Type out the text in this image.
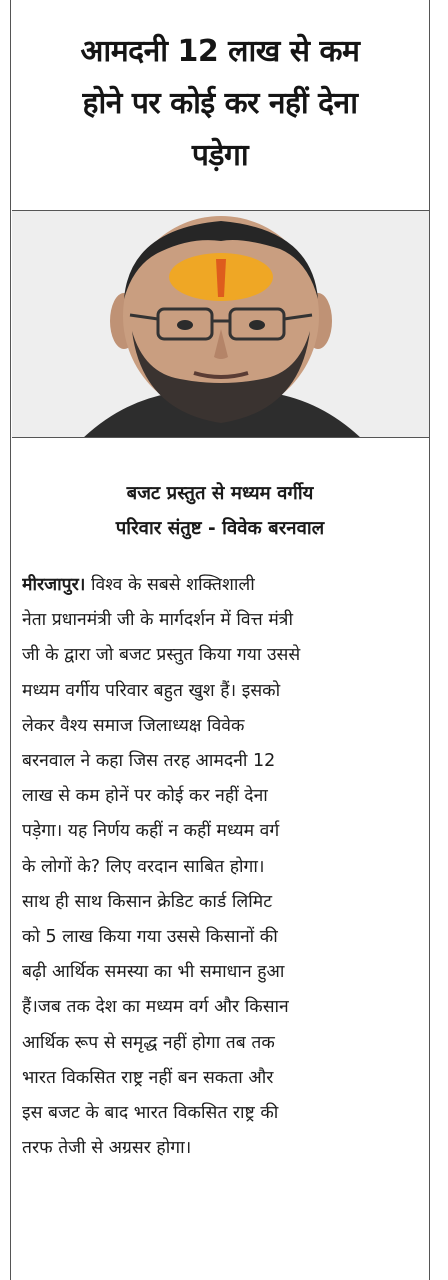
आमदनी 12 लाख से कम
होने पर कोई कर नहीं देना
पड़ेगा
बजट प्रस्तुत से मध्यम वर्गीय
परिवार संतुष्ट - विवेक बरनवाल
मीरजापुर। विश्व के सबसे शक्तिशाली
नेता प्रधानमंत्री जी के मार्गदर्शन में वित्त मंत्री
जी के द्वारा जो बजट प्रस्तुत किया गया उससे
मध्यम वर्गीय परिवार बहुत खुश हैं। इसको
लेकर वैश्य समाज जिलाध्यक्ष विवेक
बरनवाल ने कहा जिस तरह आमदनी 12
लाख से कम होनें पर कोई कर नहीं देना
पड़ेगा। यह निर्णय कहीं न कहीं मध्यम वर्ग
के लोगों के? लिए वरदान साबित होगा।
साथ ही साथ किसान क्रेडिट कार्ड लिमिट
को 5 लाख किया गया उससे किसानों की
बढ़ी आर्थिक समस्या का भी समाधान हुआ
हैं।जब तक देश का मध्यम वर्ग और किसान
आर्थिक रूप से समृद्ध नहीं होगा तब तक
भारत विकसित राष्ट्र नहीं बन सकता और
इस बजट के बाद भारत विकसित राष्ट्र की
तरफ तेजी से अग्रसर होगा।
